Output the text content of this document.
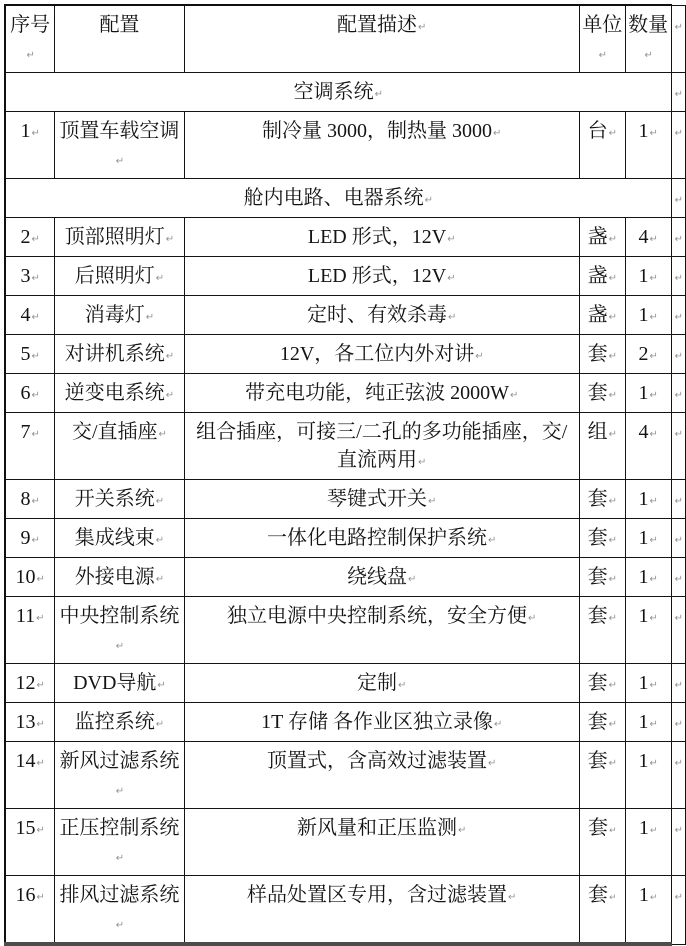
序号↵	配置	配置描述↵	单位↵	数量↵	↵
空调系统↵					↵
1↵	顶置车载空调↵	制冷量 3000，制热量 3000↵	台↵	1↵	↵
舱内电路、电器系统↵					↵
2↵	顶部照明灯↵	LED 形式，12V↵	盏↵	4↵	↵
3↵	后照明灯↵	LED 形式，12V↵	盏↵	1↵	↵
4↵	消毒灯↵	定时、有效杀毒↵	盏↵	1↵	↵
5↵	对讲机系统↵	12V，各工位内外对讲↵	套↵	2↵	↵
6↵	逆变电系统↵	带充电功能，纯正弦波 2000W↵	套↵	1↵	↵
7↵	交/直插座↵	组合插座，可接三/二孔的多功能插座，交/直流两用↵	组↵	4↵	↵
8↵	开关系统↵	琴键式开关↵	套↵	1↵	↵
9↵	集成线束↵	一体化电路控制保护系统↵	套↵	1↵	↵
10↵	外接电源↵	绕线盘↵	套↵	1↵	↵
11↵	中央控制系统↵	独立电源中央控制系统，安全方便↵	套↵	1↵	↵
12↵	DVD导航↵	定制↵	套↵	1↵	↵
13↵	监控系统↵	1T 存储 各作业区独立录像↵	套↵	1↵	↵
14↵	新风过滤系统↵	顶置式，含高效过滤装置↵	套↵	1↵	↵
15↵	正压控制系统↵	新风量和正压监测↵	套↵	1↵	↵
16↵	排风过滤系统↵	样品处置区专用，含过滤装置↵	套↵	1↵	↵
